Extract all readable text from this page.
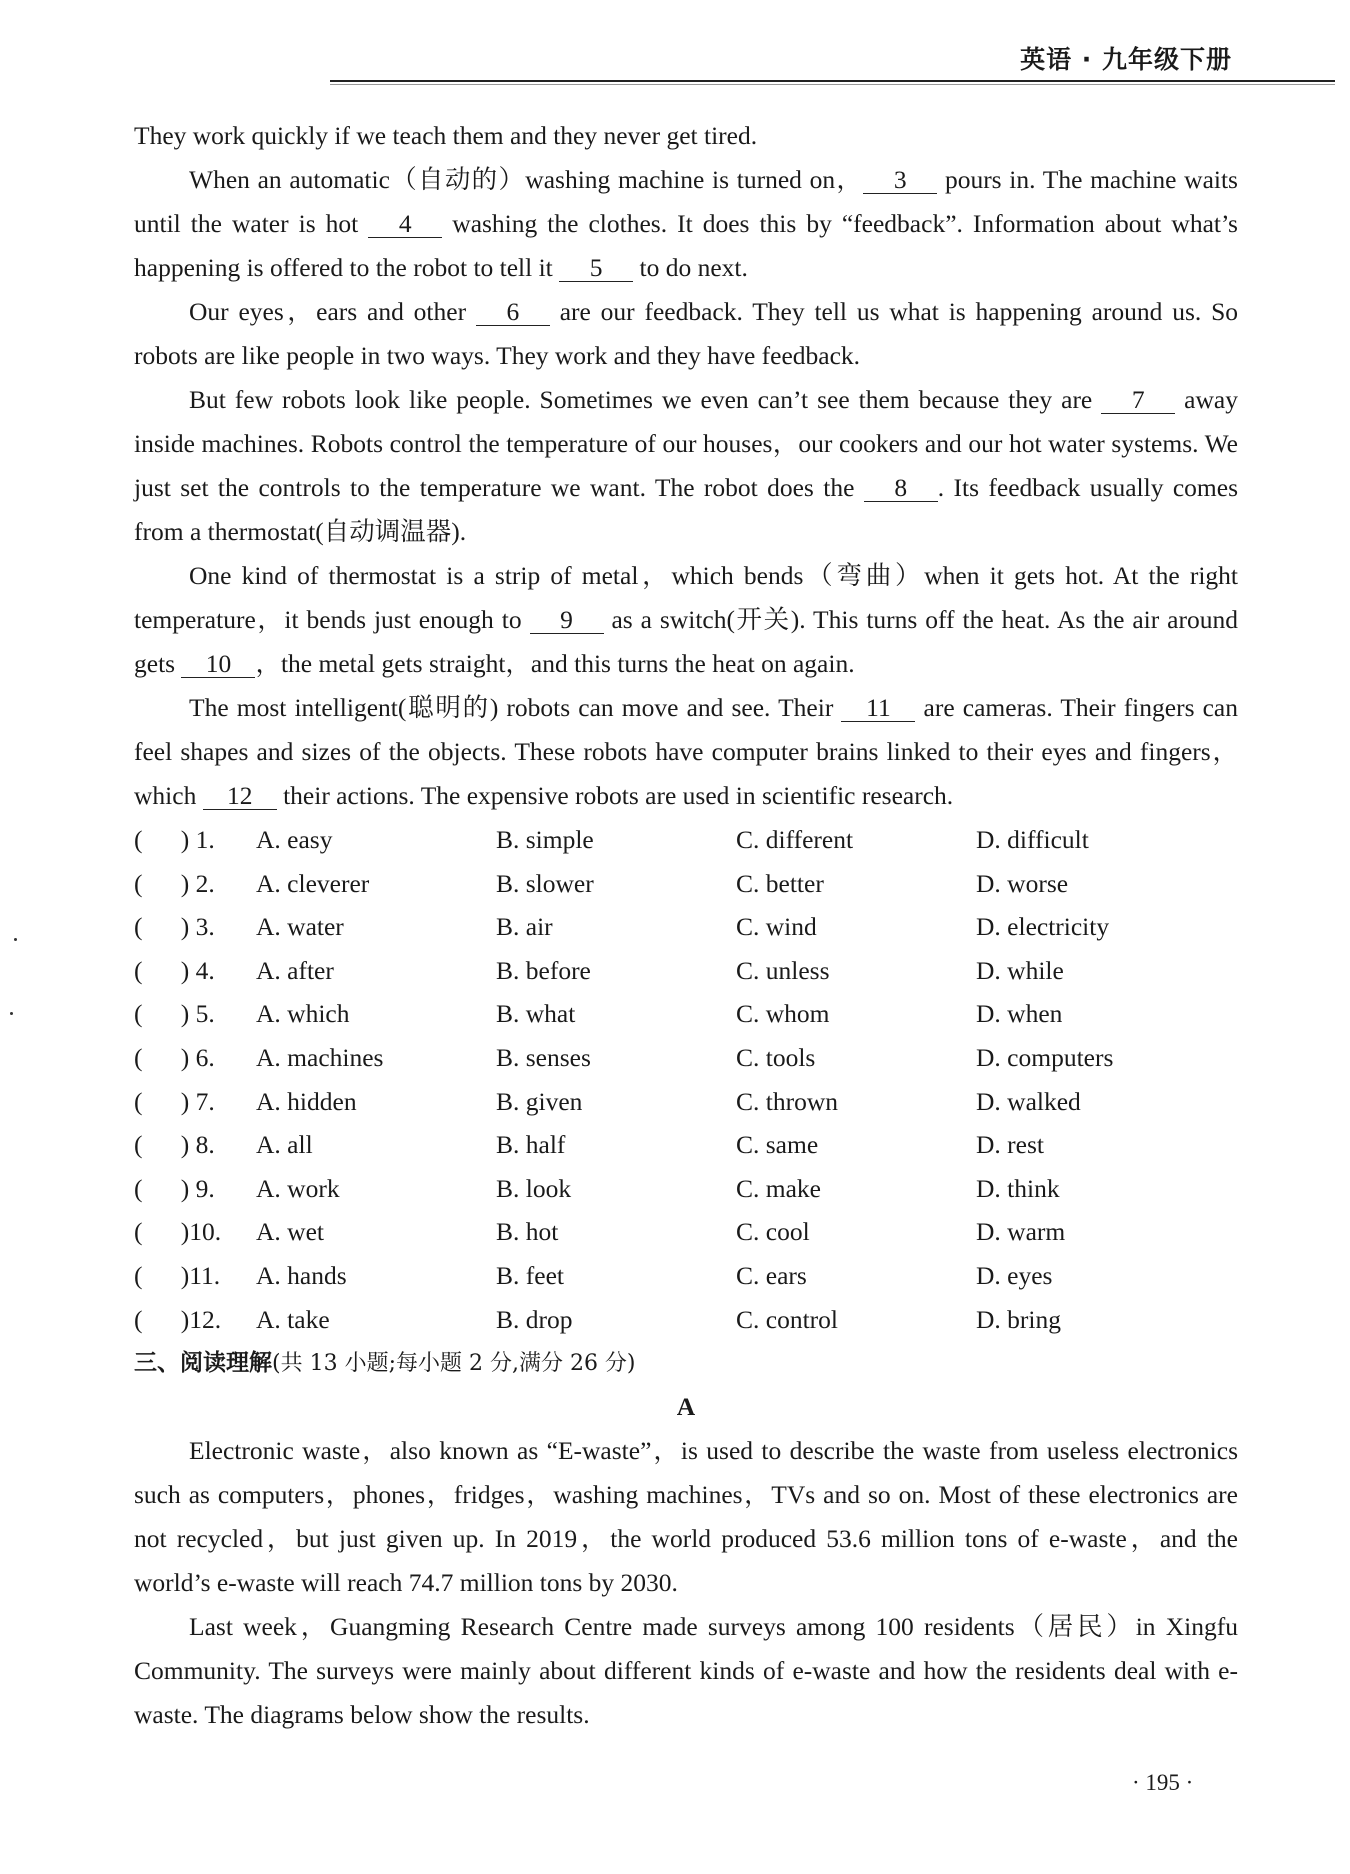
英语 · 九年级下册

They work quickly if we teach them and they never get tired.

When an automatic（自动的）washing machine is turned on， 3 pours in. The machine waits until the water is hot 4 washing the clothes. It does this by “feedback”. Information about what’s happening is offered to the robot to tell it 5 to do next.

Our eyes，ears and other 6 are our feedback. They tell us what is happening around us. So robots are like people in two ways. They work and they have feedback.

But few robots look like people. Sometimes we even can’t see them because they are 7 away inside machines. Robots control the temperature of our houses，our cookers and our hot water systems. We just set the controls to the temperature we want. The robot does the 8 . Its feedback usually comes from a thermostat(自动调温器).

One kind of thermostat is a strip of metal，which bends（弯曲）when it gets hot. At the right temperature，it bends just enough to 9 as a switch(开关). This turns off the heat. As the air around gets 10 ，the metal gets straight，and this turns the heat on again.

The most intelligent(聪明的) robots can move and see. Their 11 are cameras. Their fingers can feel shapes and sizes of the objects. These robots have computer brains linked to their eyes and fingers，which 12 their actions. The expensive robots are used in scientific research.

(      ) 1.	A. easy	B. simple	C. different	D. difficult
(      ) 2.	A. cleverer	B. slower	C. better	D. worse
(      ) 3.	A. water	B. air	C. wind	D. electricity
(      ) 4.	A. after	B. before	C. unless	D. while
(      ) 5.	A. which	B. what	C. whom	D. when
(      ) 6.	A. machines	B. senses	C. tools	D. computers
(      ) 7.	A. hidden	B. given	C. thrown	D. walked
(      ) 8.	A. all	B. half	C. same	D. rest
(      ) 9.	A. work	B. look	C. make	D. think
(      )10.	A. wet	B. hot	C. cool	D. warm
(      )11.	A. hands	B. feet	C. ears	D. eyes
(      )12.	A. take	B. drop	C. control	D. bring
三、阅读理解(共 13 小题;每小题 2 分,满分 26 分)
A

Electronic waste，also known as “E-waste”，is used to describe the waste from useless electronics such as computers，phones，fridges，washing machines，TVs and so on. Most of these electronics are not recycled，but just given up. In 2019，the world produced 53.6 million tons of e-waste，and the world’s e-waste will reach 74.7 million tons by 2030.

Last week，Guangming Research Centre made surveys among 100 residents（居民）in Xingfu Community. The surveys were mainly about different kinds of e-waste and how the residents deal with e-waste. The diagrams below show the results.

· 195 ·
